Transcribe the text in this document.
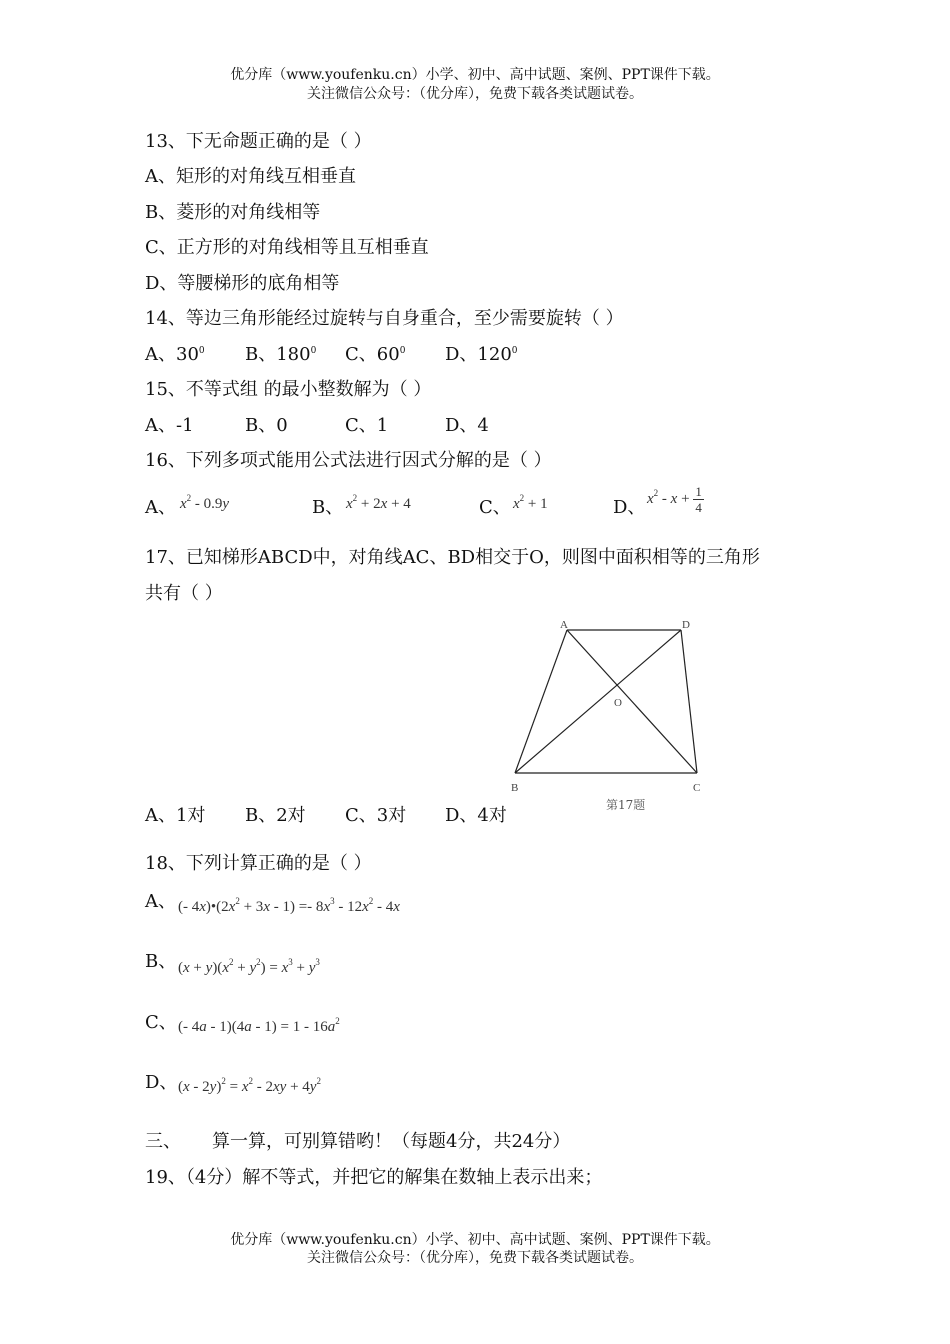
优分库（www.youfenku.cn）小学、初中、高中试题、案例、PPT课件下载。
关注微信公众号：（优分库），免费下载各类试题试卷。
13、下无命题正确的是（ ）
A、矩形的对角线互相垂直
B、菱形的对角线相等
C、正方形的对角线相等且互相垂直
D、等腰梯形的底角相等
14、等边三角形能经过旋转与自身重合，至少需要旋转（ ）
A、$30^0$ B、$180^0$ C、$60^0$ D、$120^0$
15、不等式组 的最小整数解为（ ）
A、-1	B、0	C、1	D、4
16、下列多项式能用公式法进行因式分解的是（ ）
A、 $x^2 - 0.9y$	B、 $x^2 + 2x + 4$	C、 $x^2 + 1$	D、 $x^2 - x + \frac{1}{4}$
17、已知梯形ABCD中，对角线AC、BD相交于O，则图中面积相等的三角形
共有（ ）
A	D
B	C
O
第17题
A、1对 B、2对 C、3对 D、4对
18、下列计算正确的是（ ）
A、 (- $4x)•(2x^2 + 3x - 1) =- 8x^3 - 12x^2 - 4x$
B、 $(x + y)(x^2 + y^2) = x^3 + y^3$
C、 (- $4a - 1)(4a - 1) = 1 - 16a^2$
D、 $(x - 2y)^2 = x^2 - 2xy + 4y^2$
三、 算一算，可别算错哟！（每题4分，共24分）
19、（4分）解不等式，并把它的解集在数轴上表示出来；
优分库（www.youfenku.cn）小学、初中、高中试题、案例、PPT课件下载。
关注微信公众号：（优分库），免费下载各类试题试卷。
